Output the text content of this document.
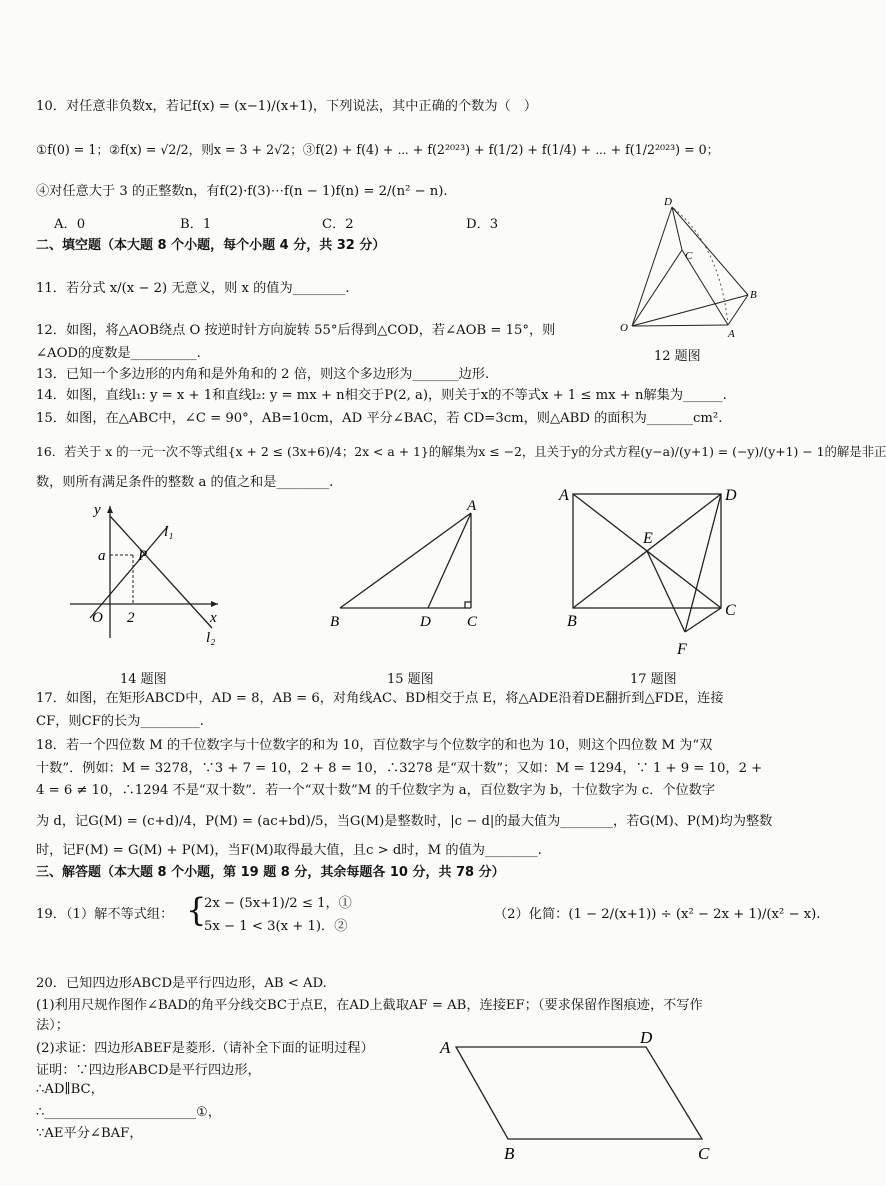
10．对任意非负数x，若记f(x) = (x−1)/(x+1)，下列说法，其中正确的个数为（　）
①f(0) = 1；②f(x) = √2/2，则x = 3 + 2√2；③f(2) + f(4) + ⋯ + f(2²⁰²³) + f(1/2) + f(1/4) + ⋯ + f(1/2²⁰²³) = 0；
④对任意大于 3 的正整数n，有f(2)·f(3)⋯f(n − 1)f(n) = 2/(n² − n).
A．0	B．1	C．2	D．3
二、填空题（本大题 8 个小题，每个小题 4 分，共 32 分）
11．若分式 x/(x − 2) 无意义，则 x 的值为________.
12．如图，将△AOB绕点 O 按逆时针方向旋转 55°后得到△COD，若∠AOB = 15°，则
∠AOD的度数是__________.
13．已知一个多边形的内角和是外角和的 2 倍，则这个多边形为_______边形.
14．如图，直线l₁: y = x + 1和直线l₂: y = mx + n相交于P(2, a)，则关于x的不等式x + 1 ≤ mx + n解集为______.
15．如图，在△ABC中，∠C = 90°，AB=10cm，AD 平分∠BAC，若 CD=3cm，则△ABD 的面积为_______cm².
16．若关于 x 的一元一次不等式组{x + 2 ≤ (3x+6)/4；2x < a + 1}的解集为x ≤ −2，且关于y的分式方程(y−a)/(y+1) = (−y)/(y+1) − 1的解是非正
数，则所有满足条件的整数 a 的值之和是________.
D
C
B
O	A
12 题图
y
x
l₁
l₂
a P
O 2
14 题图
A
B	D C
15 题图
A	D
E
B
C
F
17 题图
17．如图，在矩形ABCD中，AD = 8，AB = 6，对角线AC、BD相交于点 E，将△ADE沿着DE翻折到△FDE，连接
CF，则CF的长为_________.
18．若一个四位数 M 的千位数字与十位数字的和为 10，百位数字与个位数字的和也为 10，则这个四位数 M 为“双
十数”．例如：M = 3278，∵3 + 7 = 10，2 + 8 = 10，∴3278 是“双十数”；又如：M = 1294，∵ 1 + 9 = 10，2 +
4 = 6 ≠ 10，∴1294 不是“双十数”．若一个“双十数”M 的千位数字为 a，百位数字为 b，十位数字为 c．个位数字
为 d，记G(M) = (c+d)/4，P(M) = (ac+bd)/5，当G(M)是整数时，|c − d|的最大值为________，若G(M)、P(M)均为整数
时，记F(M) = G(M) + P(M)，当F(M)取得最大值，且c > d时，M 的值为________.
三、解答题（本大题 8 个小题，第 19 题 8 分，其余每题各 10 分，共 78 分）
19．（1）解不等式组： {
2x − (5x+1)/2 ≤ 1，①
5x − 1 < 3(x + 1)．②
（2）化简：(1 − 2/(x+1)) ÷ (x² − 2x + 1)/(x² − x).
20．已知四边形ABCD是平行四边形，AB < AD.
(1)利用尺规作图作∠BAD的角平分线交BC于点E，在AD上截取AF = AB，连接EF；（要求保留作图痕迹，不写作
法）；
(2)求证：四边形ABEF是菱形.（请补全下面的证明过程）
证明：∵四边形ABCD是平行四边形，
∴AD∥BC，
∴_______________________①，
∵AE平分∠BAF，
A
D
B	C
